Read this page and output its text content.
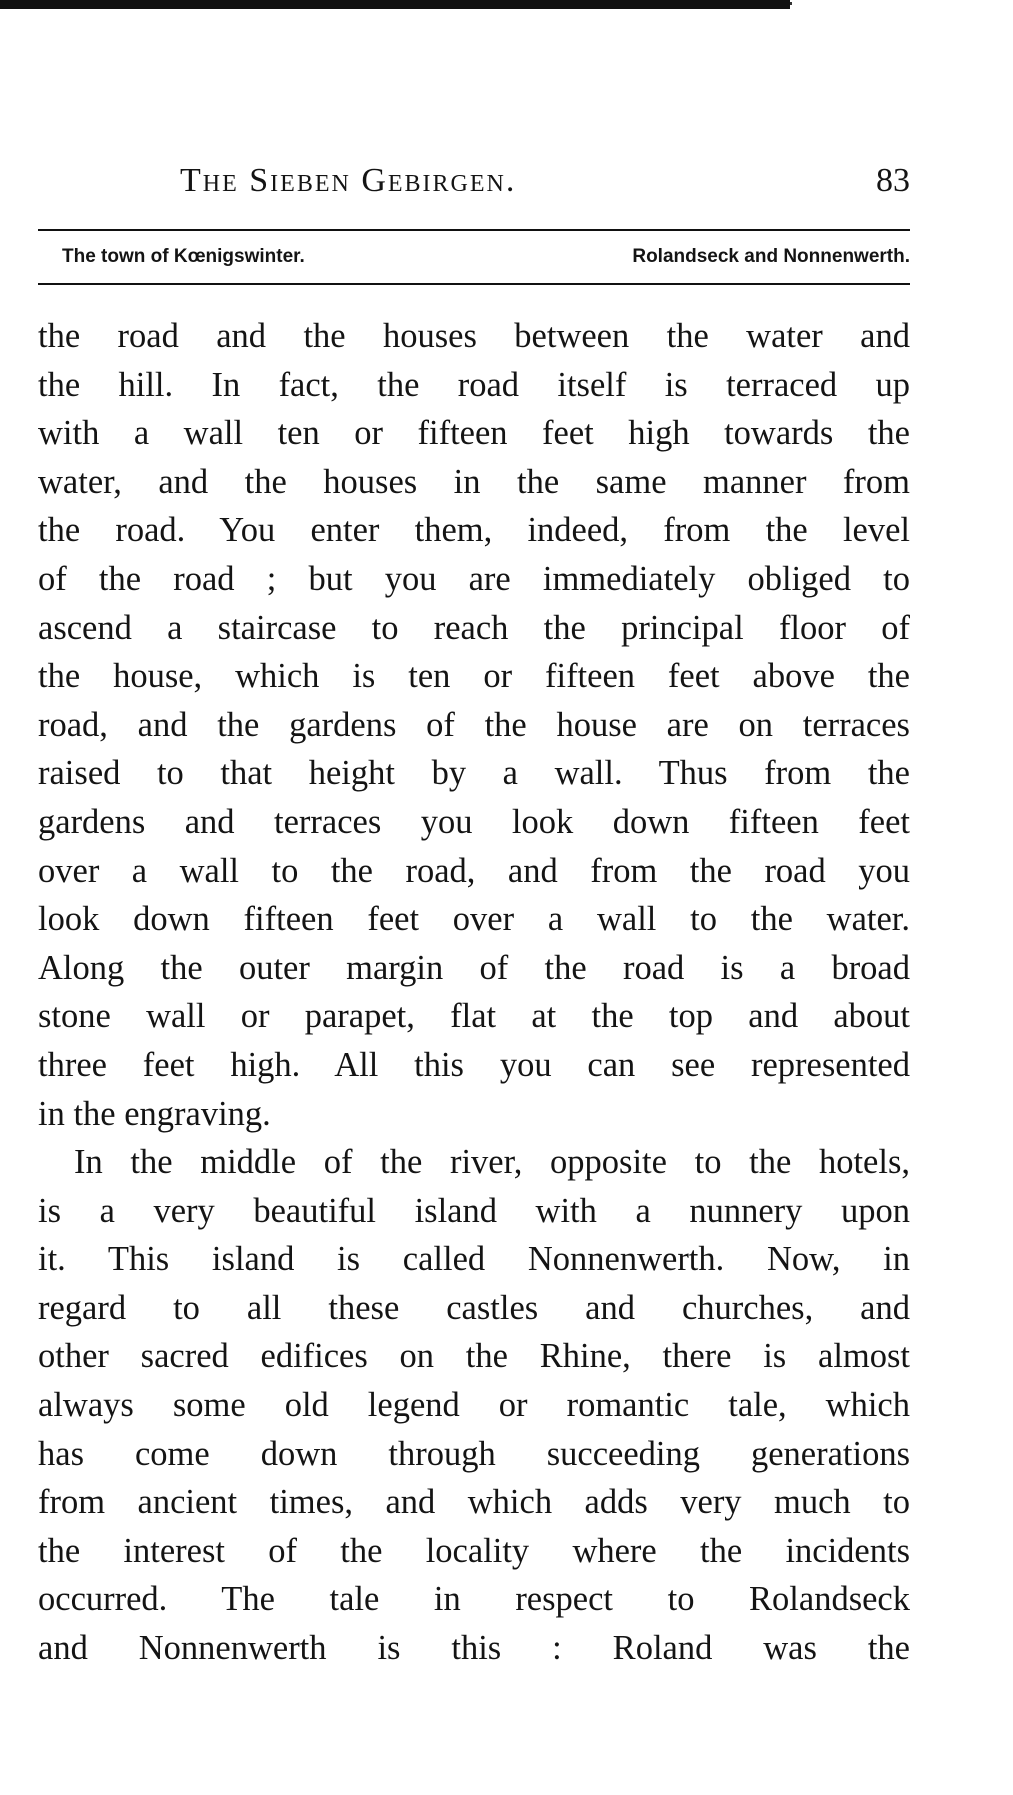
The Sieben Gebirgen.	83
The town of Kœnigswinter.	Rolandseck and Nonnenwerth.

the road and the houses between the water and
the hill. In fact, the road itself is terraced up
with a wall ten or fifteen feet high towards the
water, and the houses in the same manner from
the road. You enter them, indeed, from the level
of the road ; but you are immediately obliged to
ascend a staircase to reach the principal floor of
the house, which is ten or fifteen feet above the
road, and the gardens of the house are on terraces
raised to that height by a wall. Thus from the
gardens and terraces you look down fifteen feet
over a wall to the road, and from the road you
look down fifteen feet over a wall to the water.
Along the outer margin of the road is a broad
stone wall or parapet, flat at the top and about
three feet high. All this you can see represented
in the engraving.

In the middle of the river, opposite to the hotels,
is a very beautiful island with a nunnery upon
it. This island is called Nonnenwerth. Now, in
regard to all these castles and churches, and
other sacred edifices on the Rhine, there is almost
always some old legend or romantic tale, which
has come down through succeeding generations
from ancient times, and which adds very much to
the interest of the locality where the incidents
occurred. The tale in respect to Rolandseck
and Nonnenwerth is this : Roland was the
